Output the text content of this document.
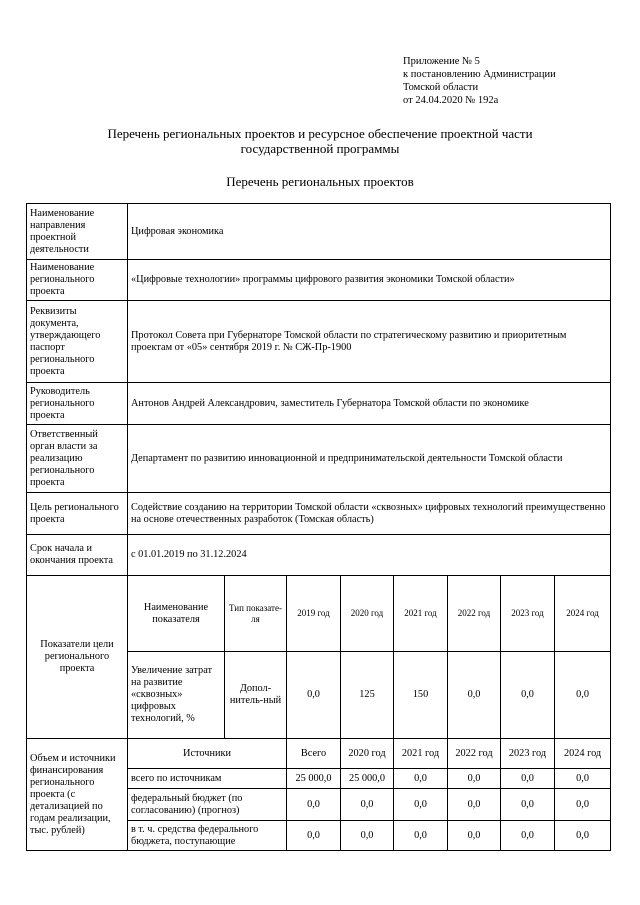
Приложение № 5
к постановлению Администрации
Томской области
от 24.04.2020 № 192а
Перечень региональных проектов и ресурсное обеспечение проектной части
государственной программы
Перечень региональных проектов
Наименование направления проектной деятельности	Цифровая экономика							
Наименование регионального проекта	«Цифровые технологии» программы цифрового развития экономики Томской области»							
Реквизиты документа, утверждающего паспорт регионального проекта	Протокол Совета при Губернаторе Томской области по стратегическому развитию и приоритетным проектам от «05» сентября 2019 г. № СЖ-Пр-1900							
Руководитель регионального проекта	Антонов Андрей Александрович, заместитель Губернатора Томской области по экономике							
Ответственный орган власти за реализацию регионального проекта	Департамент по развитию инновационной и предпринимательской деятельности Томской области							
Цель регионального проекта	Содействие созданию на территории Томской области «сквозных» цифровых технологий преимущественно на основе отечественных разработок (Томская область)							
Срок начала и окончания проекта	с 01.01.2019 по 31.12.2024							
Показатели цели регионального проекта	Наименование показателя	Тип показате-ля	2019 год	2020 год	2021 год	2022 год	2023 год	2024 год
	Увеличение затрат на развитие «сквозных» цифровых технологий, %	Допол-нитель-ный	0,0	125	150	0,0	0,0	0,0
Объем и источники финансирования регионального проекта (с детализацией по годам реализации, тыс. рублей)	Источники		Всего	2020 год	2021 год	2022 год	2023 год	2024 год
	всего по источникам		25 000,0	25 000,0	0,0	0,0	0,0	0,0
	федеральный бюджет (по согласованию) (прогноз)		0,0	0,0	0,0	0,0	0,0	0,0
	в т. ч. средства федерального бюджета, поступающие		0,0	0,0	0,0	0,0	0,0	0,0
